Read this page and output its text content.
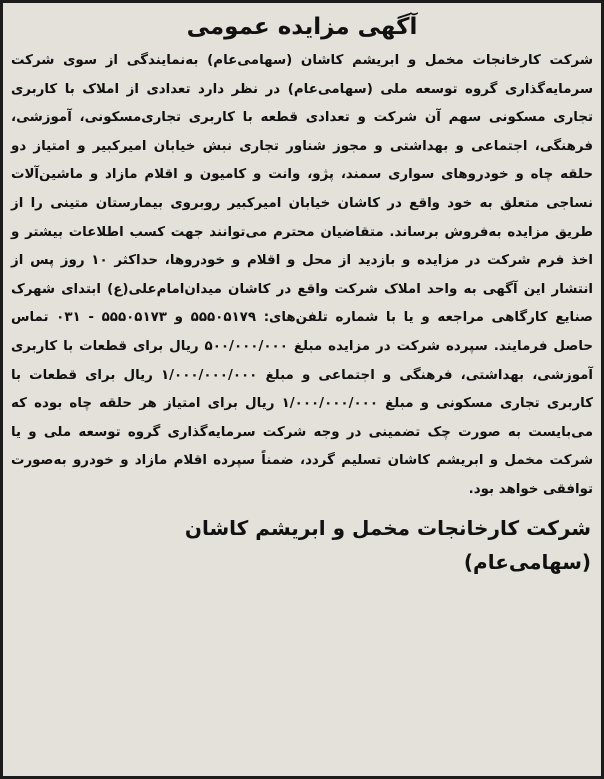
آگهی مزایده عمومی

شرکت کارخانجات مخمل و ابریشم کاشان (سهامی‌عام) به‌نمایندگی از سوی شرکت سرمایه‌گذاری گروه توسعه ملی (سهامی‌عام) در نظر دارد تعدادی از املاک با کاربری تجاری مسکونی سهم آن شرکت و تعدادی قطعه با کاربری تجاری‌مسکونی، آموزشی، فرهنگی، اجتماعی و بهداشتی و مجوز شناور تجاری نبش خیابان امیرکبیر و امتیاز دو حلقه چاه و خودروهای سواری سمند، پژو، وانت و کامیون و اقلام مازاد و ماشین‌آلات نساجی متعلق به خود واقع در کاشان خیابان امیرکبیر روبروی بیمارستان متینی را از طریق مزایده به‌فروش برساند. متقاضیان محترم می‌توانند جهت کسب اطلاعات بیشتر و اخذ فرم شرکت در مزایده و بازدید از محل و اقلام و خودروها، حداکثر ۱۰ روز پس از انتشار این آگهی به واحد املاک شرکت واقع در کاشان میدان‌امام‌علی(ع) ابتدای شهرک صنایع کارگاهی مراجعه و یا با شماره تلفن‌های: ۵۵۵۰۵۱۷۹ و ۵۵۵۰۵۱۷۳ - ۰۳۱ تماس حاصل فرمایند. سپرده شرکت در مزایده مبلغ ۵۰۰/۰۰۰/۰۰۰ ریال برای قطعات با کاربری آموزشی، بهداشتی، فرهنگی و اجتماعی و مبلغ ۱/۰۰۰/۰۰۰/۰۰۰ ریال برای قطعات با کاربری تجاری مسکونی و مبلغ ۱/۰۰۰/۰۰۰/۰۰۰ ریال برای امتیاز هر حلقه چاه بوده که می‌بایست به صورت چک تضمینی در وجه شرکت سرمایه‌گذاری گروه توسعه ملی و یا شرکت مخمل و ابریشم کاشان تسلیم گردد، ضمناً سپرده اقلام مازاد و خودرو به‌صورت توافقی خواهد بود.

شرکت کارخانجات مخمل و ابریشم کاشان
(سهامی‌عام)
